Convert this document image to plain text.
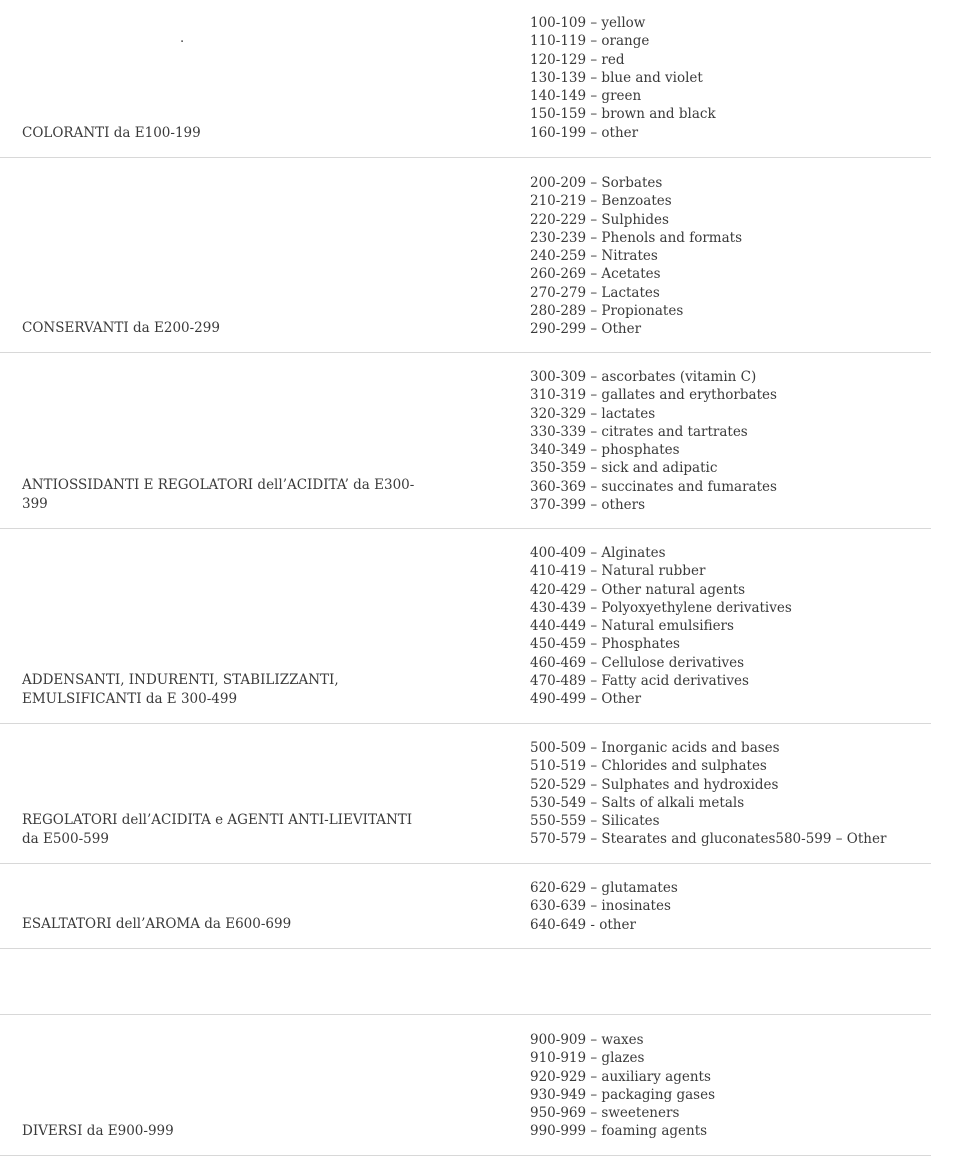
.
COLORANTI da E100-199
100-109 – yellow
110-119 – orange
120-129 – red
130-139 – blue and violet
140-149 – green
150-159 – brown and black
160-199 – other
CONSERVANTI da E200-299
200-209 – Sorbates
210-219 – Benzoates
220-229 – Sulphides
230-239 – Phenols and formats
240-259 – Nitrates
260-269 – Acetates
270-279 – Lactates
280-289 – Propionates
290-299 – Other
ANTIOSSIDANTI E REGOLATORI dell’ACIDITA’ da E300-399
300-309 – ascorbates (vitamin C)
310-319 – gallates and erythorbates
320-329 – lactates
330-339 – citrates and tartrates
340-349 – phosphates
350-359 – sick and adipatic
360-369 – succinates and fumarates
370-399 – others
ADDENSANTI, INDURENTI, STABILIZZANTI, EMULSIFICANTI da E 300-499
400-409 – Alginates
410-419 – Natural rubber
420-429 – Other natural agents
430-439 – Polyoxyethylene derivatives
440-449 – Natural emulsifiers
450-459 – Phosphates
460-469 – Cellulose derivatives
470-489 – Fatty acid derivatives
490-499 – Other
REGOLATORI dell’ACIDITA e AGENTI ANTI-LIEVITANTI da E500-599
500-509 – Inorganic acids and bases
510-519 – Chlorides and sulphates
520-529 – Sulphates and hydroxides
530-549 – Salts of alkali metals
550-559 – Silicates
570-579 – Stearates and gluconates580-599 – Other
ESALTATORI dell’AROMA da E600-699
620-629 – glutamates
630-639 – inosinates
640-649 - other
DIVERSI da E900-999
900-909 – waxes
910-919 – glazes
920-929 – auxiliary agents
930-949 – packaging gases
950-969 – sweeteners
990-999 – foaming agents
